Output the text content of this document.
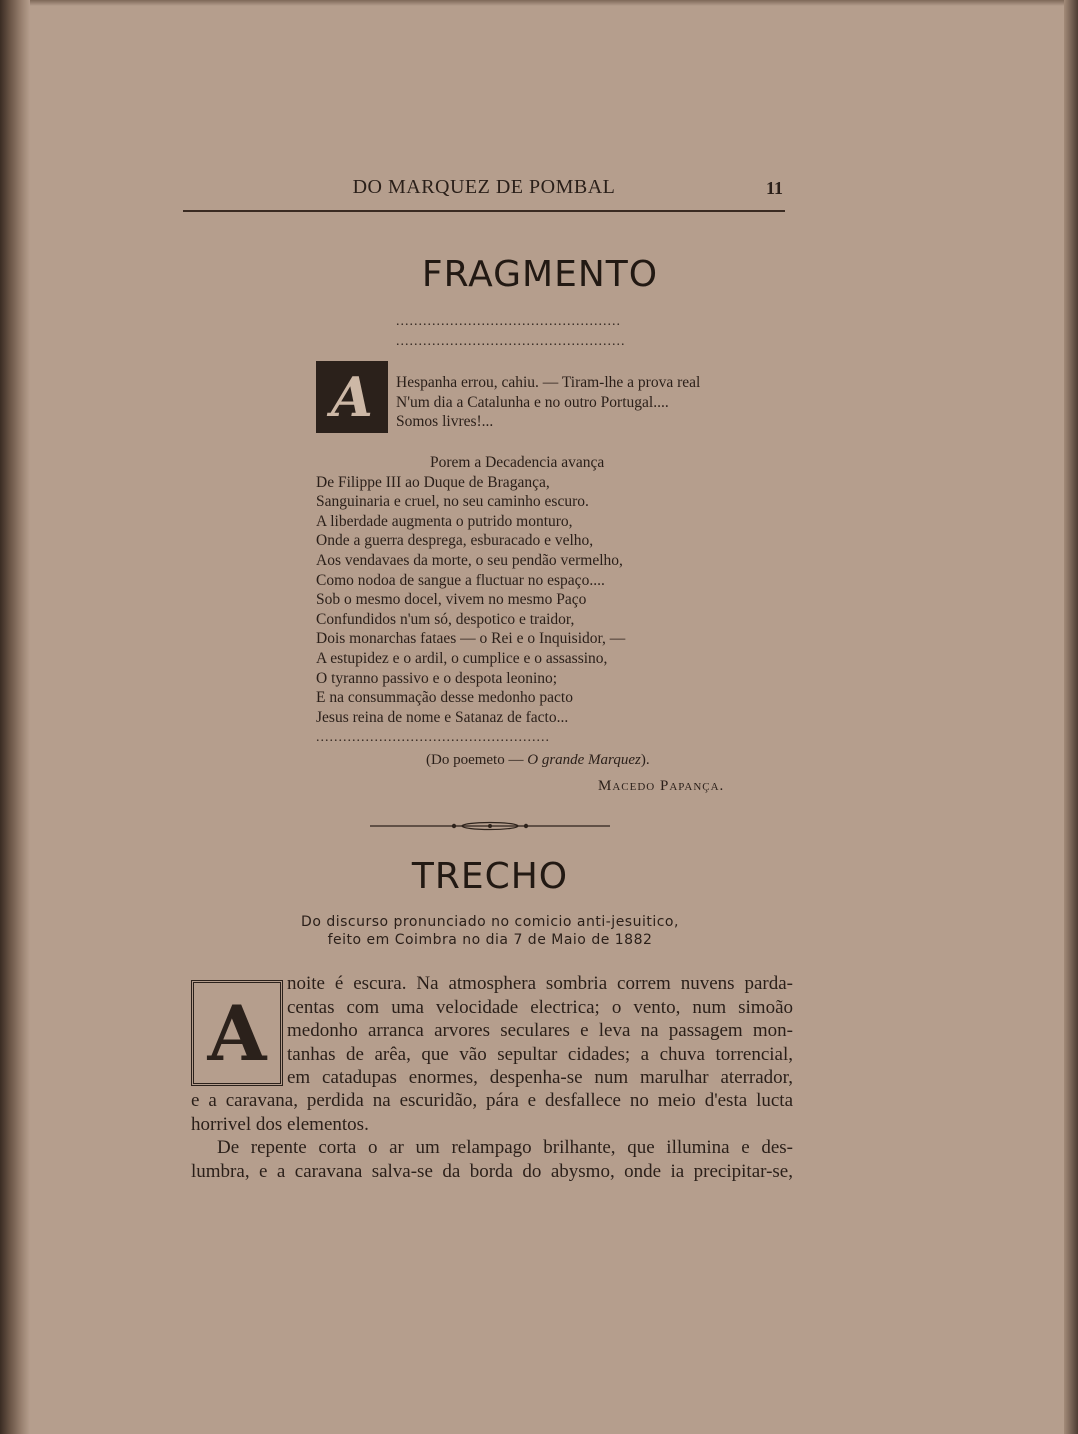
DO MARQUEZ DE POMBAL	11
FRAGMENTO
..................................................
...................................................
A	Hespanha errou, cahiu. — Tiram-lhe a prova real
N'um dia a Catalunha e no outro Portugal....
Somos livres!...
Porem a Decadencia avança
De Filippe III ao Duque de Bragança,
Sanguinaria e cruel, no seu caminho escuro.
A liberdade augmenta o putrido monturo,
Onde a guerra desprega, esburacado e velho,
Aos vendavaes da morte, o seu pendão vermelho,
Como nodoa de sangue a fluctuar no espaço....
Sob o mesmo docel, vivem no mesmo Paço
Confundidos n'um só, despotico e traidor,
Dois monarchas fataes — o Rei e o Inquisidor, —
A estupidez e o ardil, o cumplice e o assassino,
O tyranno passivo e o despota leonino;
E na consummação desse medonho pacto
Jesus reina de nome e Satanaz de facto...
....................................................
(Do poemeto — O grande Marquez).
Macedo Papança.
TRECHO
Do discurso pronunciado no comicio anti-jesuitico,
feito em Coimbra no dia 7 de Maio de 1882
A
noite é escura. Na atmosphera sombria correm nuvens parda-
centas com uma velocidade electrica; o vento, num simoão
medonho arranca arvores seculares e leva na passagem mon-
tanhas de arêa, que vão sepultar cidades; a chuva torrencial,
em catadupas enormes, despenha-se num marulhar aterrador,
e a caravana, perdida na escuridão, pára e desfallece no meio d'esta lucta
horrivel dos elementos.
De repente corta o ar um relampago brilhante, que illumina e des-
lumbra, e a caravana salva-se da borda do abysmo, onde ia precipitar-se,
